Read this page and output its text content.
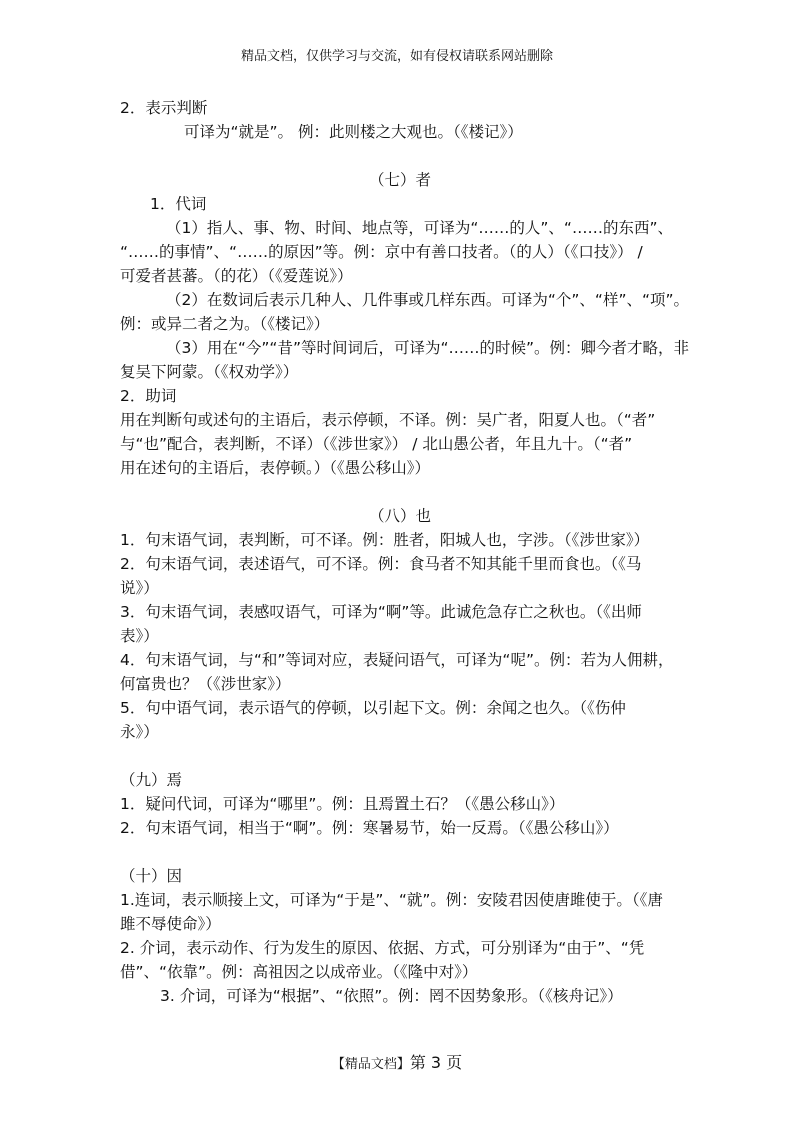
精品文档，仅供学习与交流，如有侵权请联系网站删除
2．表示判断
可译为“就是”。 例：此则楼之大观也。（《楼记》）
（七）者
1．代词
（1）指人、事、物、时间、地点等，可译为“……的人”、“……的东西”、
“……的事情”、“……的原因”等。例：京中有善口技者。（的人）（《口技》） /
可爱者甚蕃。（的花）（《爱莲说》）
（2）在数词后表示几种人、几件事或几样东西。可译为“个”、“样”、“项”。
例：或异二者之为。（《楼记》）
（3）用在“今”“昔”等时间词后，可译为“……的时候”。例：卿今者才略，非
复吴下阿蒙。（《权劝学》）
2．助词
用在判断句或述句的主语后，表示停顿，不译。例：吴广者，阳夏人也。（“者”
与“也”配合，表判断，不译）（《涉世家》） / 北山愚公者，年且九十。（“者”
用在述句的主语后，表停顿。）（《愚公移山》）
（八）也
1．句末语气词，表判断，可不译。例：胜者，阳城人也，字涉。（《涉世家》）
2．句末语气词，表述语气，可不译。例：食马者不知其能千里而食也。（《马
说》）
3．句末语气词，表感叹语气，可译为“啊”等。此诚危急存亡之秋也。（《出师
表》）
4．句末语气词，与“和”等词对应，表疑问语气，可译为“呢”。例：若为人佣耕，
何富贵也？（《涉世家》）
5．句中语气词，表示语气的停顿，以引起下文。例：余闻之也久。（《伤仲
永》）
（九）焉
1．疑问代词，可译为“哪里”。例：且焉置土石？（《愚公移山》）
2．句末语气词，相当于“啊”。例：寒暑易节，始一反焉。（《愚公移山》）
（十）因
1.连词，表示顺接上文，可译为“于是”、“就”。例：安陵君因使唐雎使于。（《唐
雎不辱使命》）
2. 介词，表示动作、行为发生的原因、依据、方式，可分别译为“由于”、“凭
借”、“依靠”。例：高祖因之以成帝业。（《隆中对》）
3. 介词，可译为“根据”、“依照”。例：罔不因势象形。（《核舟记》）
【精品文档】第 3 页
